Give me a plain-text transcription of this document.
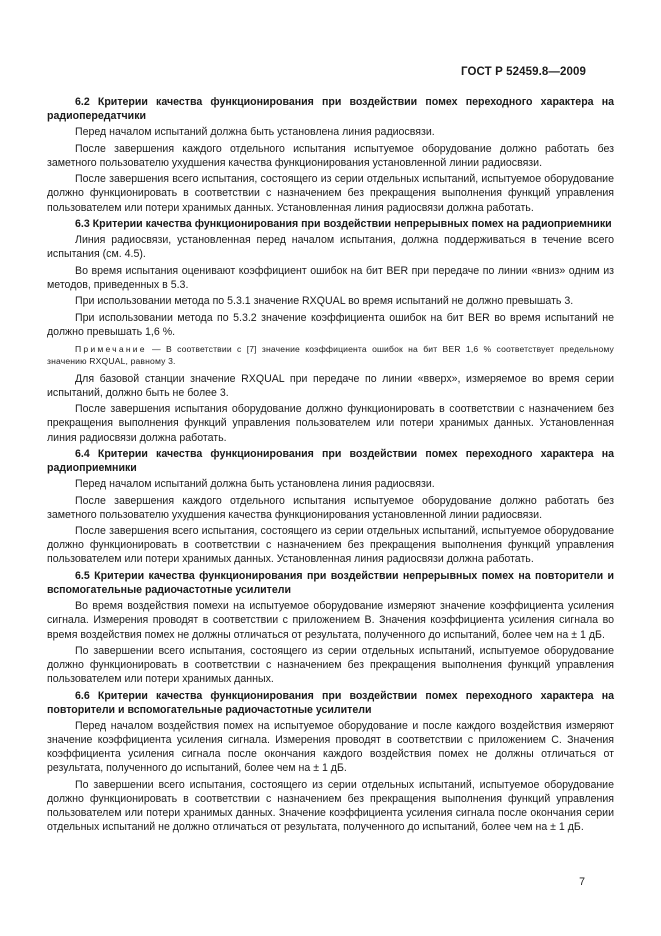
ГОСТ Р 52459.8—2009
6.2 Критерии качества функционирования при воздействии помех переходного характера на радиопередатчики

Перед началом испытаний должна быть установлена линия радиосвязи.

После завершения каждого отдельного испытания испытуемое оборудование должно работать без заметного пользователю ухудшения качества функционирования установленной линии радиосвязи.

После завершения всего испытания, состоящего из серии отдельных испытаний, испытуемое оборудование должно функционировать в соответствии с назначением без прекращения выполнения функций управления пользователем или потери хранимых данных. Установленная линия радиосвязи должна работать.

6.3 Критерии качества функционирования при воздействии непрерывных помех на радиоприемники

Линия радиосвязи, установленная перед началом испытания, должна поддерживаться в течение всего испытания (см. 4.5).

Во время испытания оценивают коэффициент ошибок на бит BER при передаче по линии «вниз» одним из методов, приведенных в 5.3.

При использовании метода по 5.3.1 значение RXQUAL во время испытаний не должно превышать 3.

При использовании метода по 5.3.2 значение коэффициента ошибок на бит BER во время испытаний не должно превышать 1,6 %.

Примечание — В соответствии с [7] значение коэффициента ошибок на бит BER 1,6 % соответствует предельному значению RXQUAL, равному 3.

Для базовой станции значение RXQUAL при передаче по линии «вверх», измеряемое во время серии испытаний, должно быть не более 3.

После завершения испытания оборудование должно функционировать в соответствии с назначением без прекращения выполнения функций управления пользователем или потери хранимых данных. Установленная линия радиосвязи должна работать.

6.4 Критерии качества функционирования при воздействии помех переходного характера на радиоприемники

Перед началом испытаний должна быть установлена линия радиосвязи.

После завершения каждого отдельного испытания испытуемое оборудование должно работать без заметного пользователю ухудшения качества функционирования установленной линии радиосвязи.

После завершения всего испытания, состоящего из серии отдельных испытаний, испытуемое оборудование должно функционировать в соответствии с назначением без прекращения выполнения функций управления пользователем или потери хранимых данных. Установленная линия радиосвязи должна работать.

6.5 Критерии качества функционирования при воздействии непрерывных помех на повторители и вспомогательные радиочастотные усилители

Во время воздействия помехи на испытуемое оборудование измеряют значение коэффициента усиления сигнала. Измерения проводят в соответствии с приложением B. Значения коэффициента усиления сигнала во время воздействия помех не должны отличаться от результата, полученного до испытаний, более чем на ± 1 дБ.

По завершении всего испытания, состоящего из серии отдельных испытаний, испытуемое оборудование должно функционировать в соответствии с назначением без прекращения выполнения функций управления пользователем или потери хранимых данных.

6.6 Критерии качества функционирования при воздействии помех переходного характера на повторители и вспомогательные радиочастотные усилители

Перед началом воздействия помех на испытуемое оборудование и после каждого воздействия измеряют значение коэффициента усиления сигнала. Измерения проводят в соответствии с приложением C. Значения коэффициента усиления сигнала после окончания каждого воздействия помех не должны отличаться от результата, полученного до испытаний, более чем на ± 1 дБ.

По завершении всего испытания, состоящего из серии отдельных испытаний, испытуемое оборудование должно функционировать в соответствии с назначением без прекращения выполнения функций управления пользователем или потери хранимых данных. Значение коэффициента усиления сигнала после окончания серии отдельных испытаний не должно отличаться от результата, полученного до испытаний, более чем на ± 1 дБ.

7
